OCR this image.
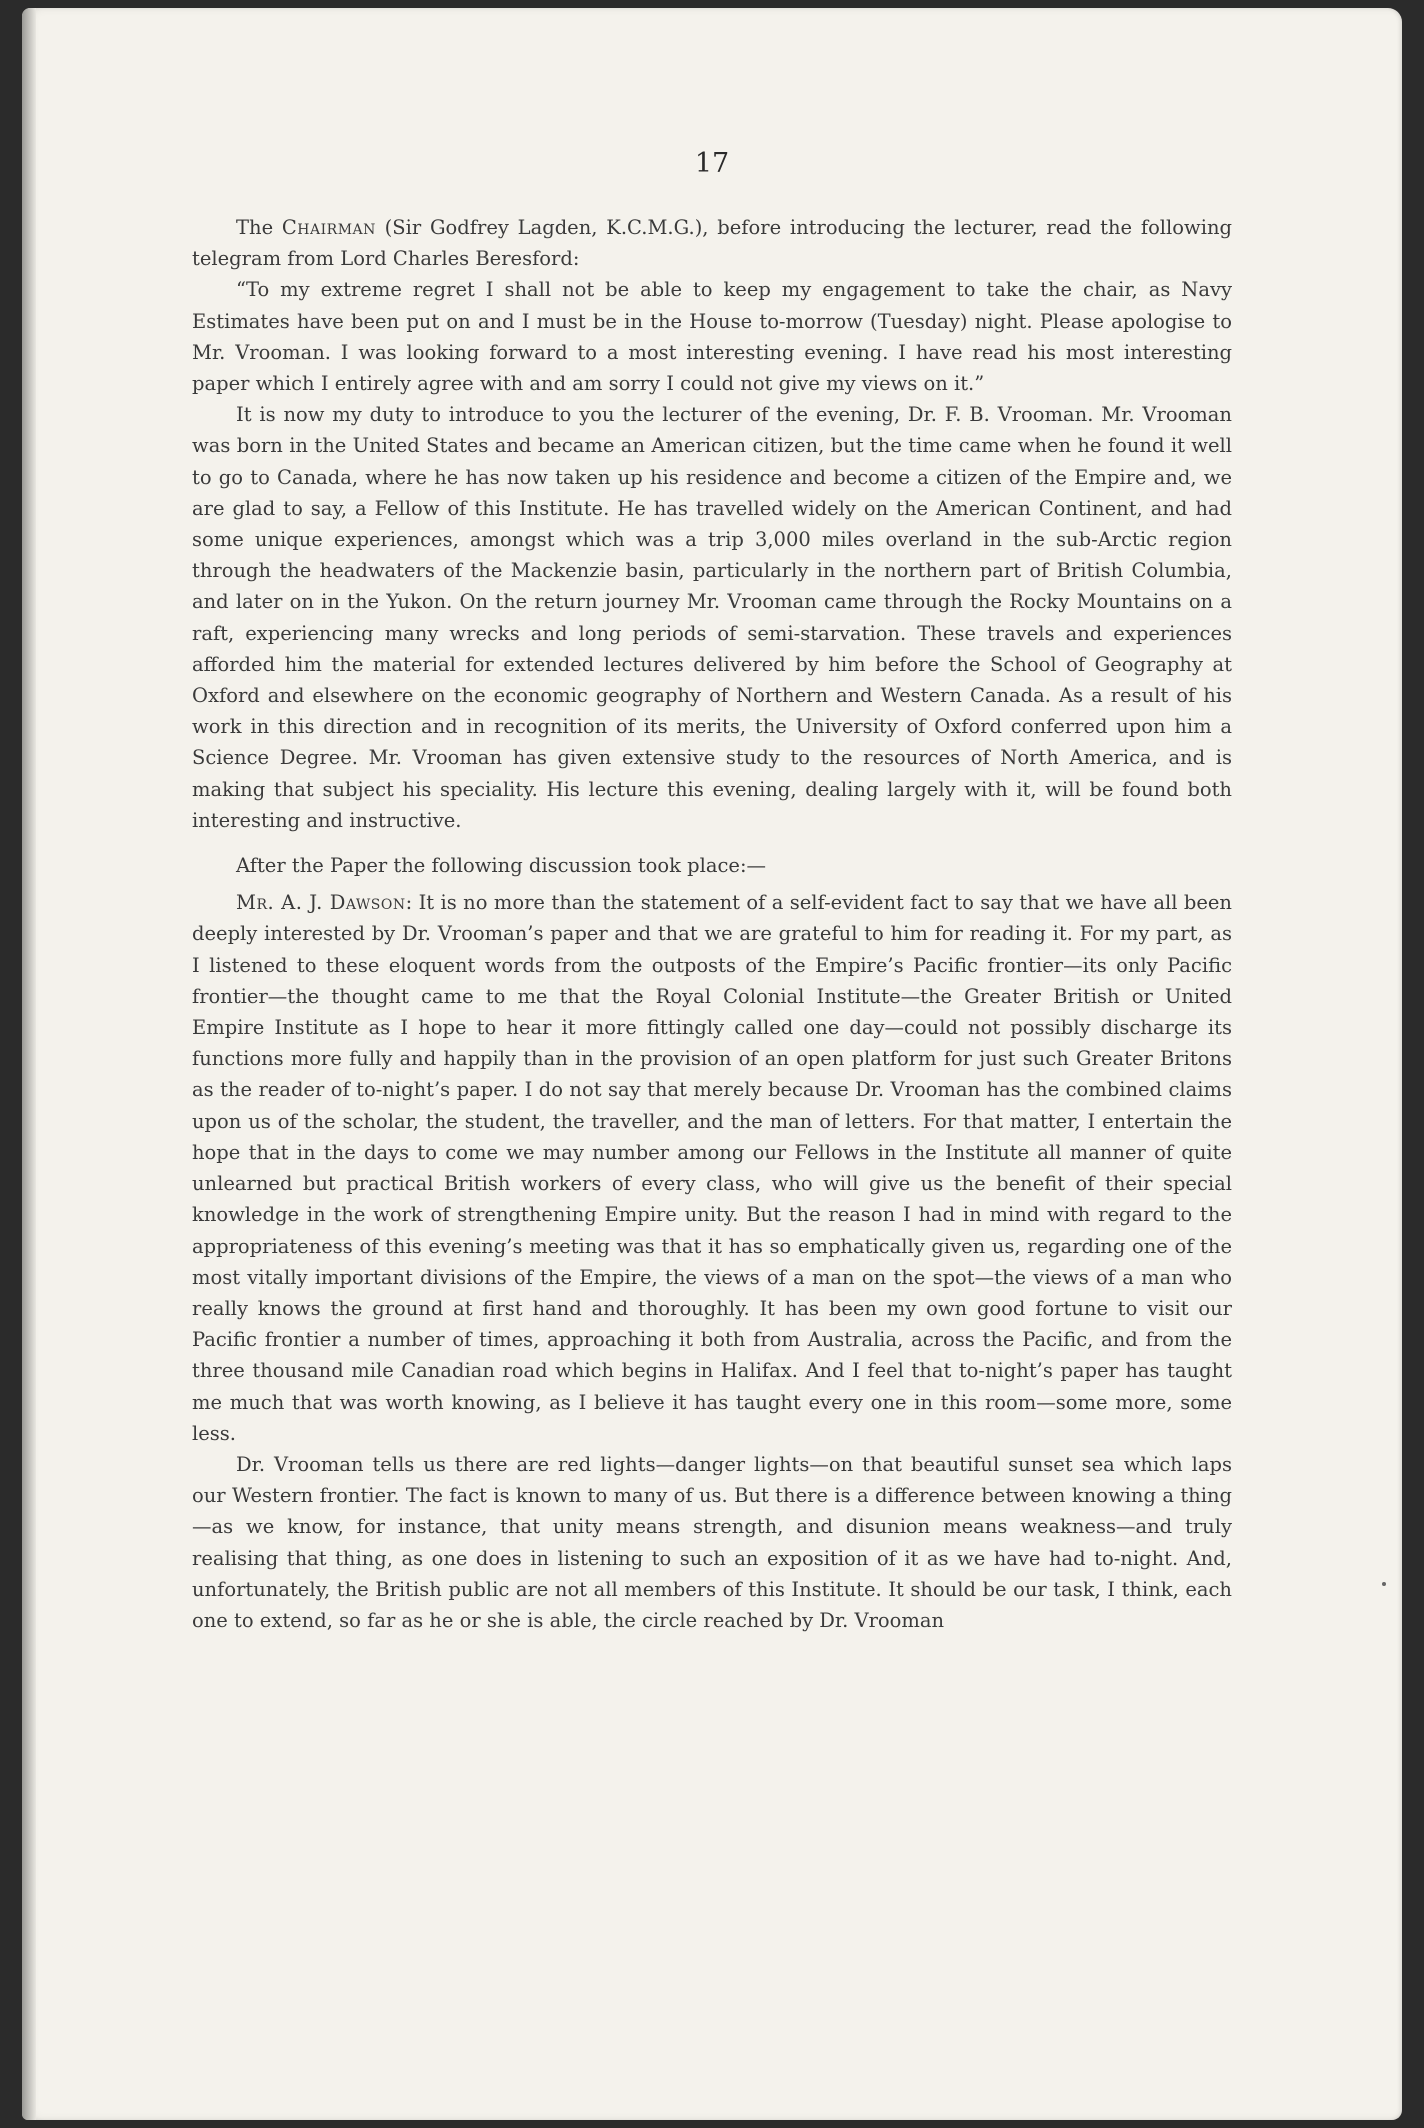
17

The Chairman (Sir Godfrey Lagden, K.C.M.G.), before introducing the lecturer, read the following telegram from Lord Charles Beresford:

“To my extreme regret I shall not be able to keep my engagement to take the chair, as Navy Estimates have been put on and I must be in the House to-morrow (Tuesday) night. Please apologise to Mr. Vrooman. I was looking forward to a most interesting evening. I have read his most interesting paper which I entirely agree with and am sorry I could not give my views on it.”

It is now my duty to introduce to you the lecturer of the evening, Dr. F. B. Vrooman. Mr. Vrooman was born in the United States and became an American citizen, but the time came when he found it well to go to Canada, where he has now taken up his residence and become a citizen of the Empire and, we are glad to say, a Fellow of this Institute. He has travelled widely on the American Continent, and had some unique experiences, amongst which was a trip 3,000 miles overland in the sub-Arctic region through the headwaters of the Mackenzie basin, particularly in the northern part of British Columbia, and later on in the Yukon. On the return journey Mr. Vrooman came through the Rocky Mountains on a raft, experiencing many wrecks and long periods of semi-starvation. These travels and experiences afforded him the material for extended lectures delivered by him before the School of Geography at Oxford and elsewhere on the economic geography of Northern and Western Canada. As a result of his work in this direction and in recognition of its merits, the University of Oxford conferred upon him a Science Degree. Mr. Vrooman has given extensive study to the resources of North America, and is making that subject his speciality. His lecture this evening, dealing largely with it, will be found both interesting and instructive.

After the Paper the following discussion took place:—

Mr. A. J. Dawson: It is no more than the statement of a self-evident fact to say that we have all been deeply interested by Dr. Vrooman’s paper and that we are grateful to him for reading it. For my part, as I listened to these eloquent words from the outposts of the Empire’s Pacific frontier—its only Pacific frontier—the thought came to me that the Royal Colonial Institute—the Greater British or United Empire Institute as I hope to hear it more fittingly called one day—could not possibly discharge its functions more fully and happily than in the provision of an open platform for just such Greater Britons as the reader of to-night’s paper. I do not say that merely because Dr. Vrooman has the combined claims upon us of the scholar, the student, the traveller, and the man of letters. For that matter, I entertain the hope that in the days to come we may number among our Fellows in the Institute all manner of quite unlearned but practical British workers of every class, who will give us the benefit of their special knowledge in the work of strengthening Empire unity. But the reason I had in mind with regard to the appropriateness of this evening’s meeting was that it has so emphatically given us, regarding one of the most vitally important divisions of the Empire, the views of a man on the spot—the views of a man who really knows the ground at first hand and thoroughly. It has been my own good fortune to visit our Pacific frontier a number of times, approaching it both from Australia, across the Pacific, and from the three thousand mile Canadian road which begins in Halifax. And I feel that to-night’s paper has taught me much that was worth knowing, as I believe it has taught every one in this room—some more, some less.

Dr. Vrooman tells us there are red lights—danger lights—on that beautiful sunset sea which laps our Western frontier. The fact is known to many of us. But there is a difference between knowing a thing—as we know, for instance, that unity means strength, and disunion means weakness—and truly realising that thing, as one does in listening to such an exposition of it as we have had to-night. And, unfortunately, the British public are not all members of this Institute. It should be our task, I think, each one to extend, so far as he or she is able, the circle reached by Dr. Vrooman
